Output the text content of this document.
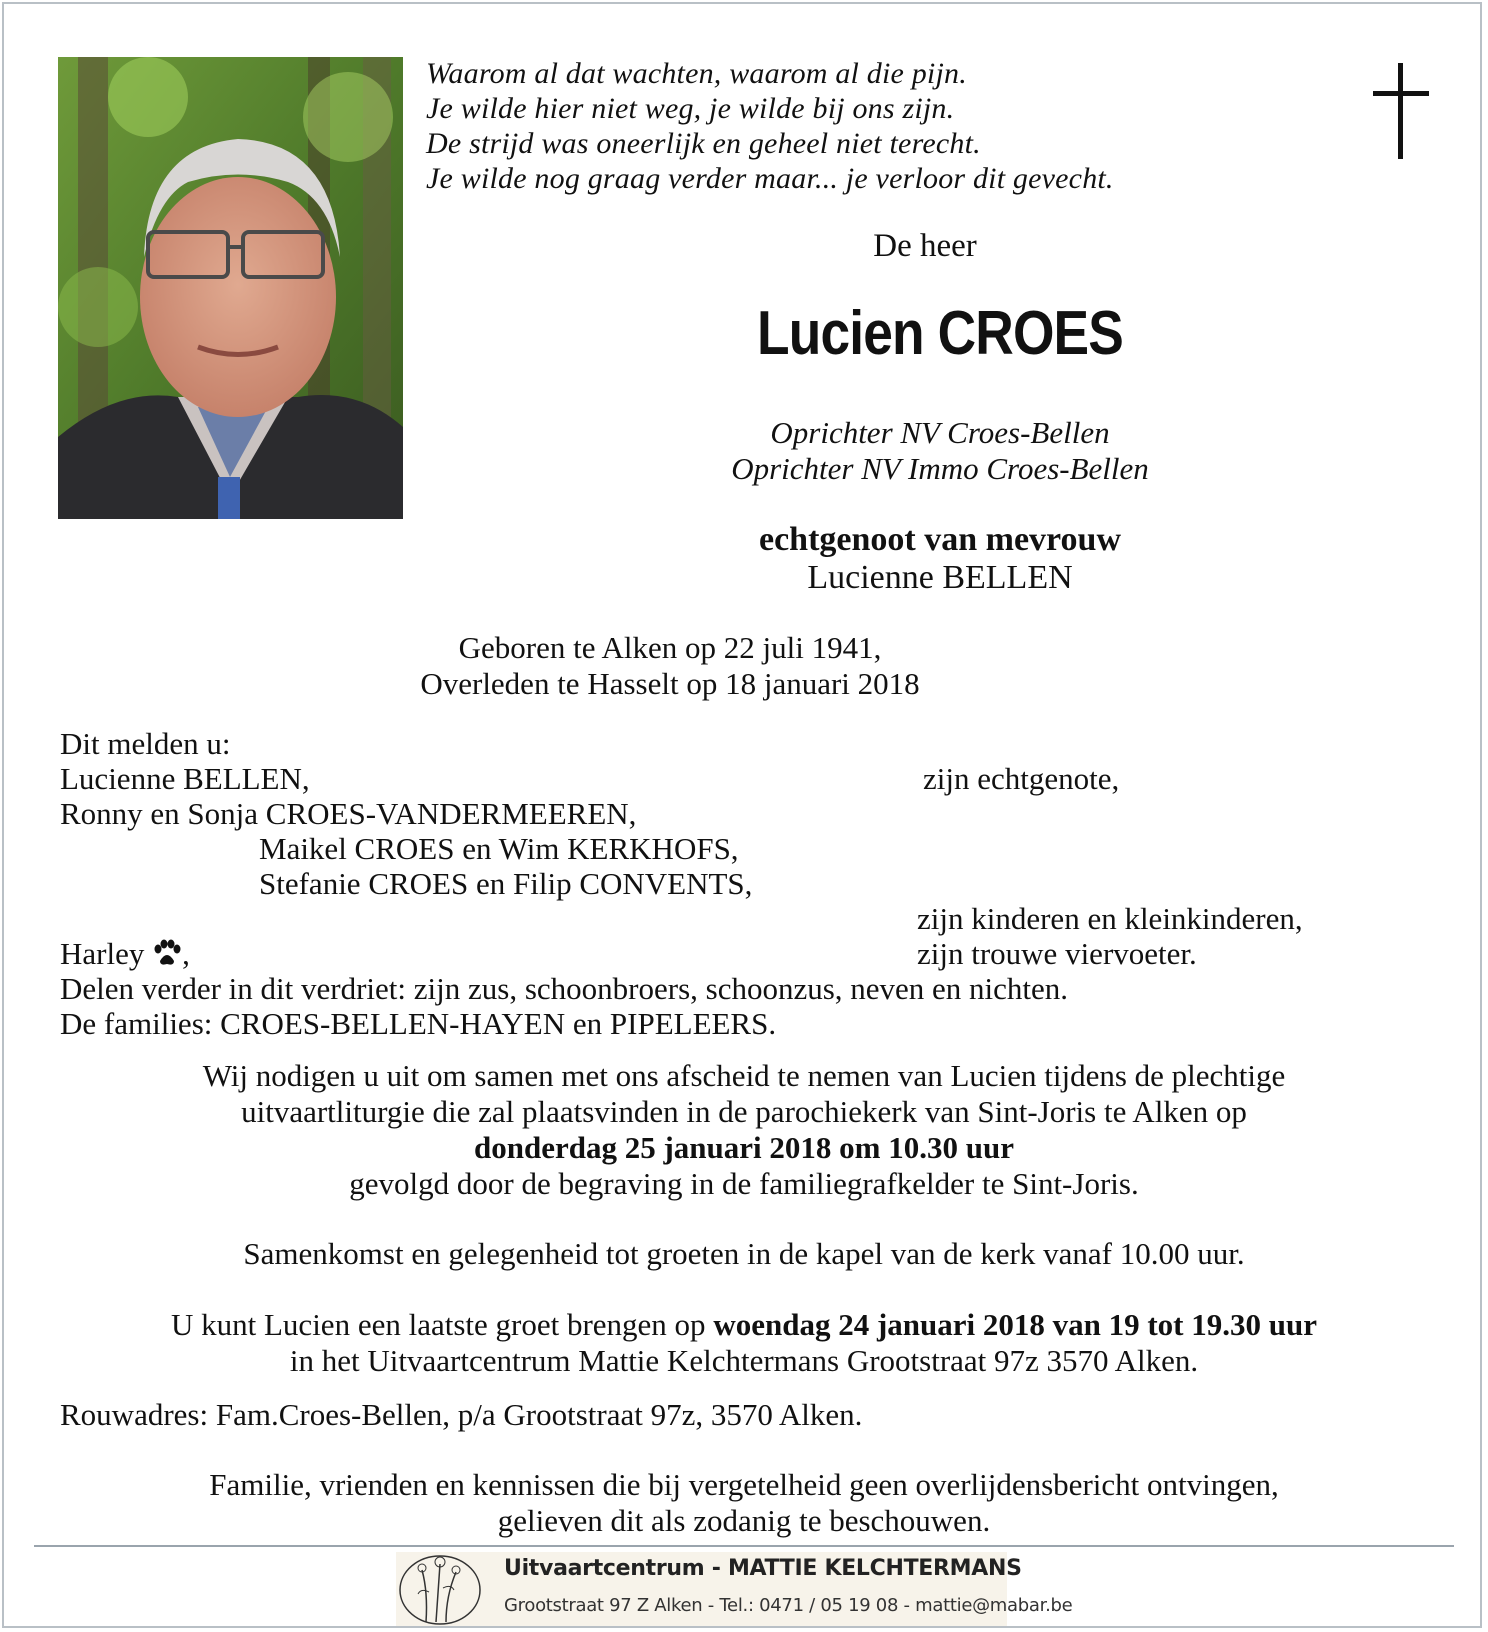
Waarom al dat wachten, waarom al die pijn.
Je wilde hier niet weg, je wilde bij ons zijn.
De strijd was oneerlijk en geheel niet terecht.
Je wilde nog graag verder maar... je verloor dit gevecht.
De heer
Lucien CROES
Oprichter NV Croes-Bellen
Oprichter NV Immo Croes-Bellen
echtgenoot van mevrouw
Lucienne BELLEN
Geboren te Alken op 22 juli 1941,
Overleden te Hasselt op 18 januari 2018
Dit melden u:
Lucienne BELLEN,	zijn echtgenote,
Ronny en Sonja CROES-VANDERMEEREN,
Maikel CROES en Wim KERKHOFS,
Stefanie CROES en Filip CONVENTS,
zijn kinderen en kleinkinderen,
Harley ,	zijn trouwe viervoeter.
Delen verder in dit verdriet: zijn zus, schoonbroers, schoonzus, neven en nichten.
De families: CROES-BELLEN-HAYEN en PIPELEERS.
Wij nodigen u uit om samen met ons afscheid te nemen van Lucien tijdens de plechtige
uitvaartliturgie die zal plaatsvinden in de parochiekerk van Sint-Joris te Alken op
donderdag 25 januari 2018 om 10.30 uur
gevolgd door de begraving in de familiegrafkelder te Sint-Joris.
Samenkomst en gelegenheid tot groeten in de kapel van de kerk vanaf 10.00 uur.
U kunt Lucien een laatste groet brengen op woendag 24 januari 2018 van 19 tot 19.30 uur
in het Uitvaartcentrum Mattie Kelchtermans Grootstraat 97z 3570 Alken.
Rouwadres: Fam.Croes-Bellen, p/a Grootstraat 97z, 3570 Alken.
Familie, vrienden en kennissen die bij vergetelheid geen overlijdensbericht ontvingen,
gelieven dit als zodanig te beschouwen.
Uitvaartcentrum - MATTIE KELCHTERMANS
Grootstraat 97 Z Alken - Tel.: 0471 / 05 19 08 - mattie@mabar.be
